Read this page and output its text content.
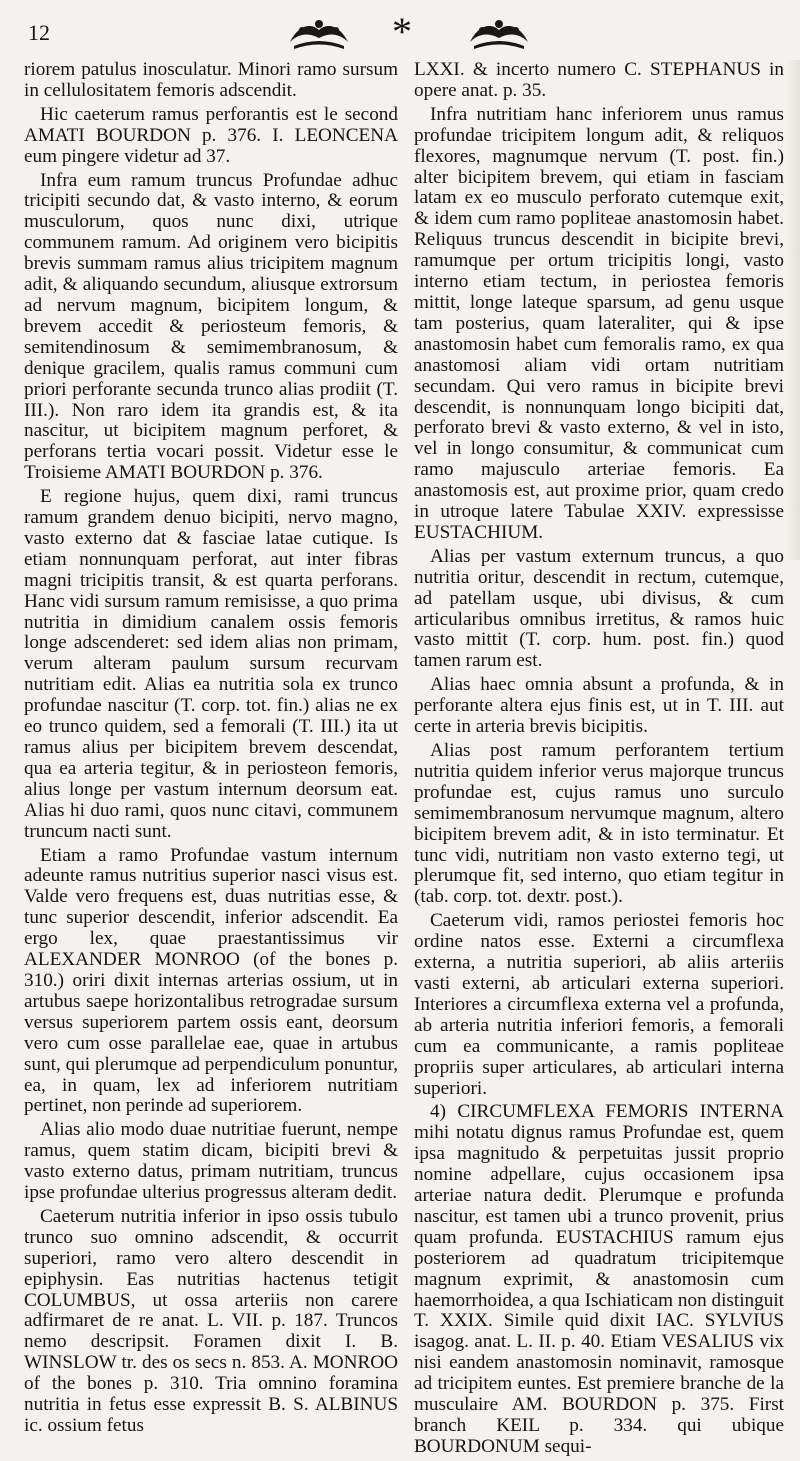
12	*

riorem patulus inosculatur. Minori ramo sursum in cellulositatem femoris adscendit.

Hic caeterum ramus perforantis est le second AMATI BOURDON p. 376. I. LEONCENA eum pingere videtur ad 37.

Infra eum ramum truncus Profundae adhuc tricipiti secundo dat, & vasto interno, & eorum musculorum, quos nunc dixi, utrique communem ramum. Ad originem vero bicipitis brevis summam ramus alius tricipitem magnum adit, & aliquando secundum, aliusque extrorsum ad nervum magnum, bicipitem longum, & brevem accedit & periosteum femoris, & semitendinosum & semimembranosum, & denique gracilem, qualis ramus communi cum priori perforante secunda trunco alias prodiit (T. III.). Non raro idem ita grandis est, & ita nascitur, ut bicipitem magnum perforet, & perforans tertia vocari possit. Videtur esse le Troisieme AMATI BOURDON p. 376.

E regione hujus, quem dixi, rami truncus ramum grandem denuo bicipiti, nervo magno, vasto externo dat & fasciae latae cutique. Is etiam nonnunquam perforat, aut inter fibras magni tricipitis transit, & est quarta perforans. Hanc vidi sursum ramum remisisse, a quo prima nutritia in dimidium canalem ossis femoris longe adscenderet: sed idem alias non primam, verum alteram paulum sursum recurvam nutritiam edit. Alias ea nutritia sola ex trunco profundae nascitur (T. corp. tot. fin.) alias ne ex eo trunco quidem, sed a femorali (T. III.) ita ut ramus alius per bicipitem brevem descendat, qua ea arteria tegitur, & in periosteon femoris, alius longe per vastum internum deorsum eat. Alias hi duo rami, quos nunc citavi, communem truncum nacti sunt.

Etiam a ramo Profundae vastum internum adeunte ramus nutritius superior nasci visus est. Valde vero frequens est, duas nutritias esse, & tunc superior descendit, inferior adscendit. Ea ergo lex, quae praestantissimus vir ALEXANDER MONROO (of the bones p. 310.) oriri dixit internas arterias ossium, ut in artubus saepe horizontalibus retrogradae sursum versus superiorem partem ossis eant, deorsum vero cum osse parallelae eae, quae in artubus sunt, qui plerumque ad perpendiculum ponuntur, ea, in quam, lex ad inferiorem nutritiam pertinet, non perinde ad superiorem.

Alias alio modo duae nutritiae fuerunt, nempe ramus, quem statim dicam, bicipiti brevi & vasto externo datus, primam nutritiam, truncus ipse profundae ulterius progressus alteram dedit.

Caeterum nutritia inferior in ipso ossis tubulo trunco suo omnino adscendit, & occurrit superiori, ramo vero altero descendit in epiphysin. Eas nutritias hactenus tetigit COLUMBUS, ut ossa arteriis non carere adfirmaret de re anat. L. VII. p. 187. Truncos nemo descripsit. Foramen dixit I. B. WINSLOW tr. des os secs n. 853. A. MONROO of the bones p. 310. Tria omnino foramina nutritia in fetus esse expressit B. S. ALBINUS ic. ossium fetus

LXXI. & incerto numero C. STEPHANUS in opere anat. p. 35.

Infra nutritiam hanc inferiorem unus ramus profundae tricipitem longum adit, & reliquos flexores, magnumque nervum (T. post. fin.) alter bicipitem brevem, qui etiam in fasciam latam ex eo musculo perforato cutemque exit, & idem cum ramo popliteae anastomosin habet. Reliquus truncus descendit in bicipite brevi, ramumque per ortum tricipitis longi, vasto interno etiam tectum, in periostea femoris mittit, longe lateque sparsum, ad genu usque tam posterius, quam lateraliter, qui & ipse anastomosin habet cum femoralis ramo, ex qua anastomosi aliam vidi ortam nutritiam secundam. Qui vero ramus in bicipite brevi descendit, is nonnunquam longo bicipiti dat, perforato brevi & vasto externo, & vel in isto, vel in longo consumitur, & communicat cum ramo majusculo arteriae femoris. Ea anastomosis est, aut proxime prior, quam credo in utroque latere Tabulae XXIV. expressisse EUSTACHIUM.

Alias per vastum externum truncus, a quo nutritia oritur, descendit in rectum, cutemque, ad patellam usque, ubi divisus, & cum articularibus omnibus irretitus, & ramos huic vasto mittit (T. corp. hum. post. fin.) quod tamen rarum est.

Alias haec omnia absunt a profunda, & in perforante altera ejus finis est, ut in T. III. aut certe in arteria brevis bicipitis.

Alias post ramum perforantem tertium nutritia quidem inferior verus majorque truncus profundae est, cujus ramus uno surculo semimembranosum nervumque magnum, altero bicipitem brevem adit, & in isto terminatur. Et tunc vidi, nutritiam non vasto externo tegi, ut plerumque fit, sed interno, quo etiam tegitur in (tab. corp. tot. dextr. post.).

Caeterum vidi, ramos periostei femoris hoc ordine natos esse. Externi a circumflexa externa, a nutritia superiori, ab aliis arteriis vasti externi, ab articulari externa superiori. Interiores a circumflexa externa vel a profunda, ab arteria nutritia inferiori femoris, a femorali cum ea communicante, a ramis popliteae propriis super articulares, ab articulari interna superiori.

4) CIRCUMFLEXA FEMORIS INTERNA mihi notatu dignus ramus Profundae est, quem ipsa magnitudo & perpetuitas jussit proprio nomine adpellare, cujus occasionem ipsa arteriae natura dedit. Plerumque e profunda nascitur, est tamen ubi a trunco provenit, prius quam profunda. EUSTACHIUS ramum ejus posteriorem ad quadratum tricipitemque magnum exprimit, & anastomosin cum haemorrhoidea, a qua Ischiaticam non distinguit T. XXIX. Simile quid dixit IAC. SYLVIUS isagog. anat. L. II. p. 40. Etiam VESALIUS vix nisi eandem anastomosin nominavit, ramosque ad tricipitem euntes. Est premiere branche de la musculaire AM. BOURDON p. 375. First branch KEIL p. 334. qui ubique BOURDONUM sequi-
